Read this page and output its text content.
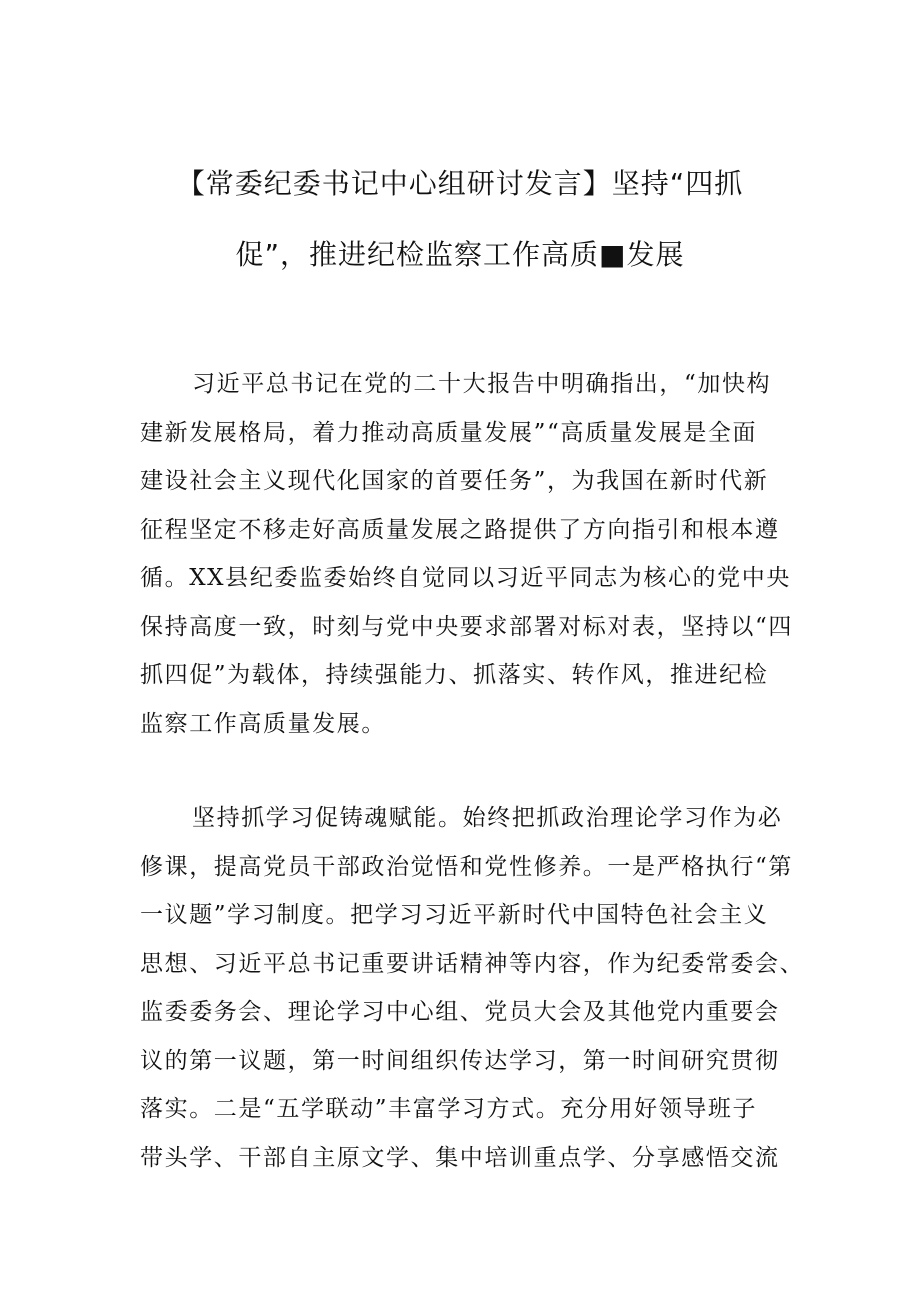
【常委纪委书记中心组研讨发言】坚持“四抓
促”，推进纪检监察工作高质■发展
习近平总书记在党的二十大报告中明确指出，“加快构
建新发展格局，着力推动高质量发展”“高质量发展是全面
建设社会主义现代化国家的首要任务”，为我国在新时代新
征程坚定不移走好高质量发展之路提供了方向指引和根本遵
循。XX县纪委监委始终自觉同以习近平同志为核心的党中央
保持高度一致，时刻与党中央要求部署对标对表，坚持以“四
抓四促”为载体，持续强能力、抓落实、转作风，推进纪检
监察工作高质量发展。
坚持抓学习促铸魂赋能。始终把抓政治理论学习作为必
修课，提高党员干部政治觉悟和党性修养。一是严格执行“第
一议题”学习制度。把学习习近平新时代中国特色社会主义
思想、习近平总书记重要讲话精神等内容，作为纪委常委会、
监委委务会、理论学习中心组、党员大会及其他党内重要会
议的第一议题，第一时间组织传达学习，第一时间研究贯彻
落实。二是“五学联动”丰富学习方式。充分用好领导班子
带头学、干部自主原文学、集中培训重点学、分享感悟交流
